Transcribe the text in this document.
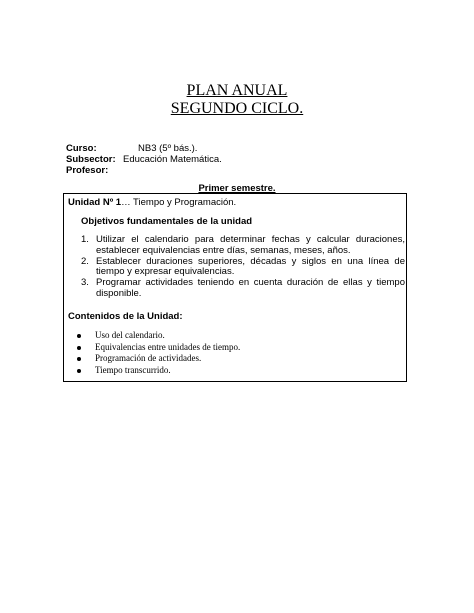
PLAN ANUAL
SEGUNDO CICLO.
Curso:	NB3 (5º bás.).
Subsector: Educación Matemática.
Profesor:
Primer semestre.
Unidad Nº 1… Tiempo y Programación.
Objetivos fundamentales de la unidad
1. Utilizar el calendario para determinar fechas y calcular duraciones, establecer equivalencias entre días, semanas, meses, años.
2. Establecer duraciones superiores, décadas y siglos en una línea de tiempo y expresar equivalencias.
3. Programar actividades teniendo en cuenta duración de ellas y tiempo disponible.
Contenidos de la Unidad:
Uso del calendario.
Equivalencias entre unidades de tiempo.
Programación de actividades.
Tiempo transcurrido.
